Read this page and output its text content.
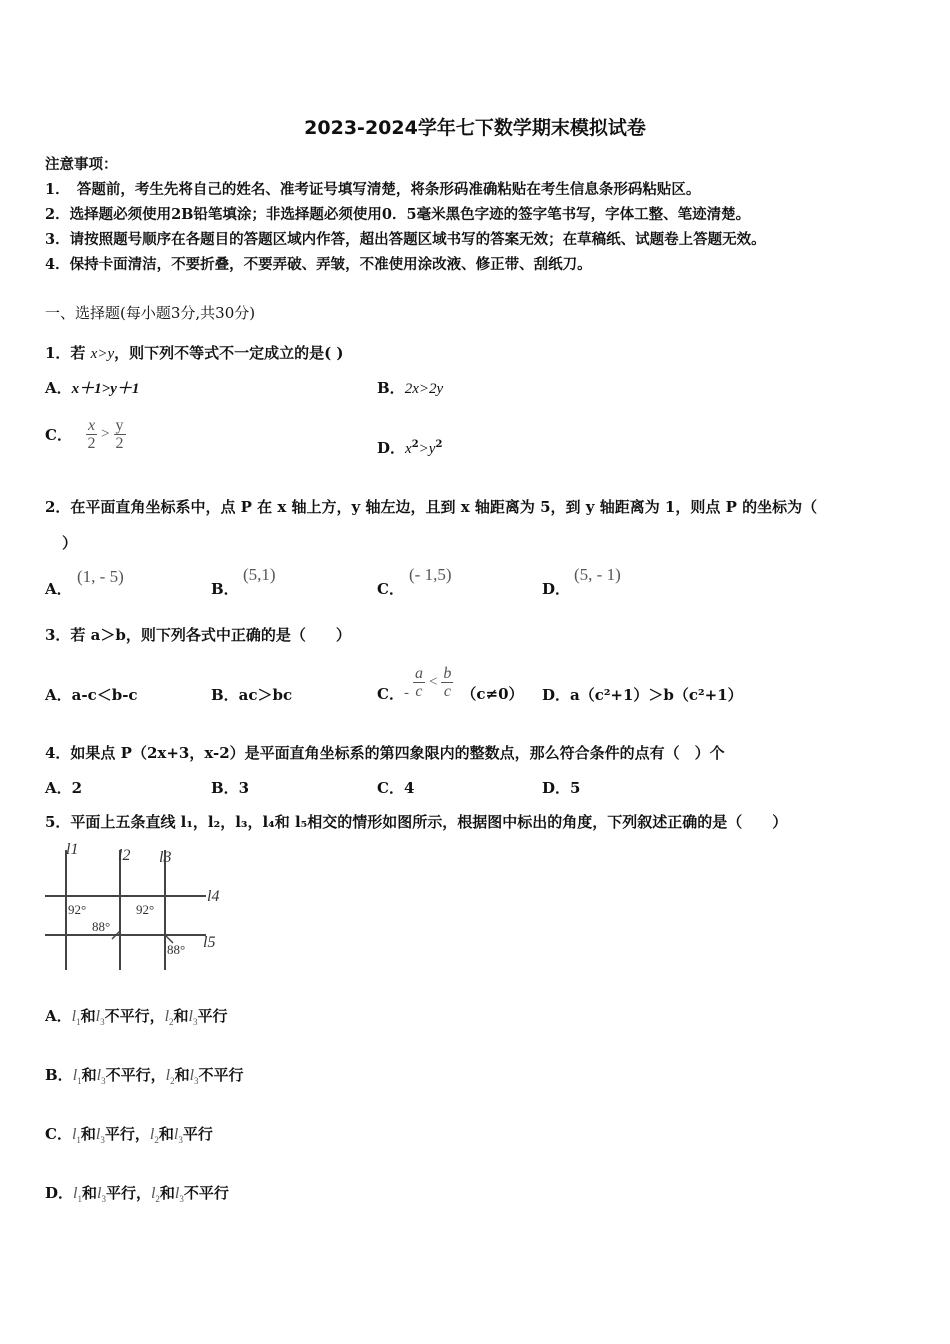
2023-2024学年七下数学期末模拟试卷
注意事项：
1．　答题前，考生先将自己的姓名、准考证号填写清楚，将条形码准确粘贴在考生信息条形码粘贴区。
2．选择题必须使用2B铅笔填涂；非选择题必须使用0．5毫米黑色字迹的签字笔书写，字体工整、笔迹清楚。
3．请按照题号顺序在各题目的答题区域内作答，超出答题区域书写的答案无效；在草稿纸、试题卷上答题无效。
4．保持卡面清洁，不要折叠，不要弄破、弄皱，不准使用涂改液、修正带、刮纸刀。
一、选择题(每小题3分,共30分)
1．若 x>y，则下列不等式不一定成立的是( )
A．x＋1>y＋1	B．2x>2y
C． $\frac{x}{2} > \frac{y}{2}$	D．$x^2>y^2$
2．在平面直角坐标系中，点 P 在 x 轴上方，y 轴左边，且到 x 轴距离为 5，到 y 轴距离为 1，则点 P 的坐标为（
）
A．
(1, - 5)
B．
(5,1)
C．
(- 1,5)
D．
(5, - 1)
3．若 a＞b，则下列各式中正确的是（　　）
A．a-c＜b-c	B．ac＞bc	C． - $\frac{a}{c} < \frac{b}{c} (c\ne 0)$ D．a（c²+1）＞b（c²+1）
4．如果点 P（2x+3，x-2）是平面直角坐标系的第四象限内的整数点，那么符合条件的点有（　）个
A．2	B．3	C．4	D．5
5．平面上五条直线 l₁，l₂，l₃，l₄和 l₅相交的情形如图所示，根据图中标出的角度，下列叙述正确的是（　　）
l1 l2 l3
l4
l5
92°
88°
92°
88°
A．$l_1$和$l_3$不平行，$l_2$和$l_3$平行
B．$l_1$和$l_3$不平行，$l_2$和$l_3$不平行
C．$l_1$和$l_3$平行，$l_2$和$l_3$平行
D．$l_1$和$l_3$平行，$l_2$和$l_3$不平行
